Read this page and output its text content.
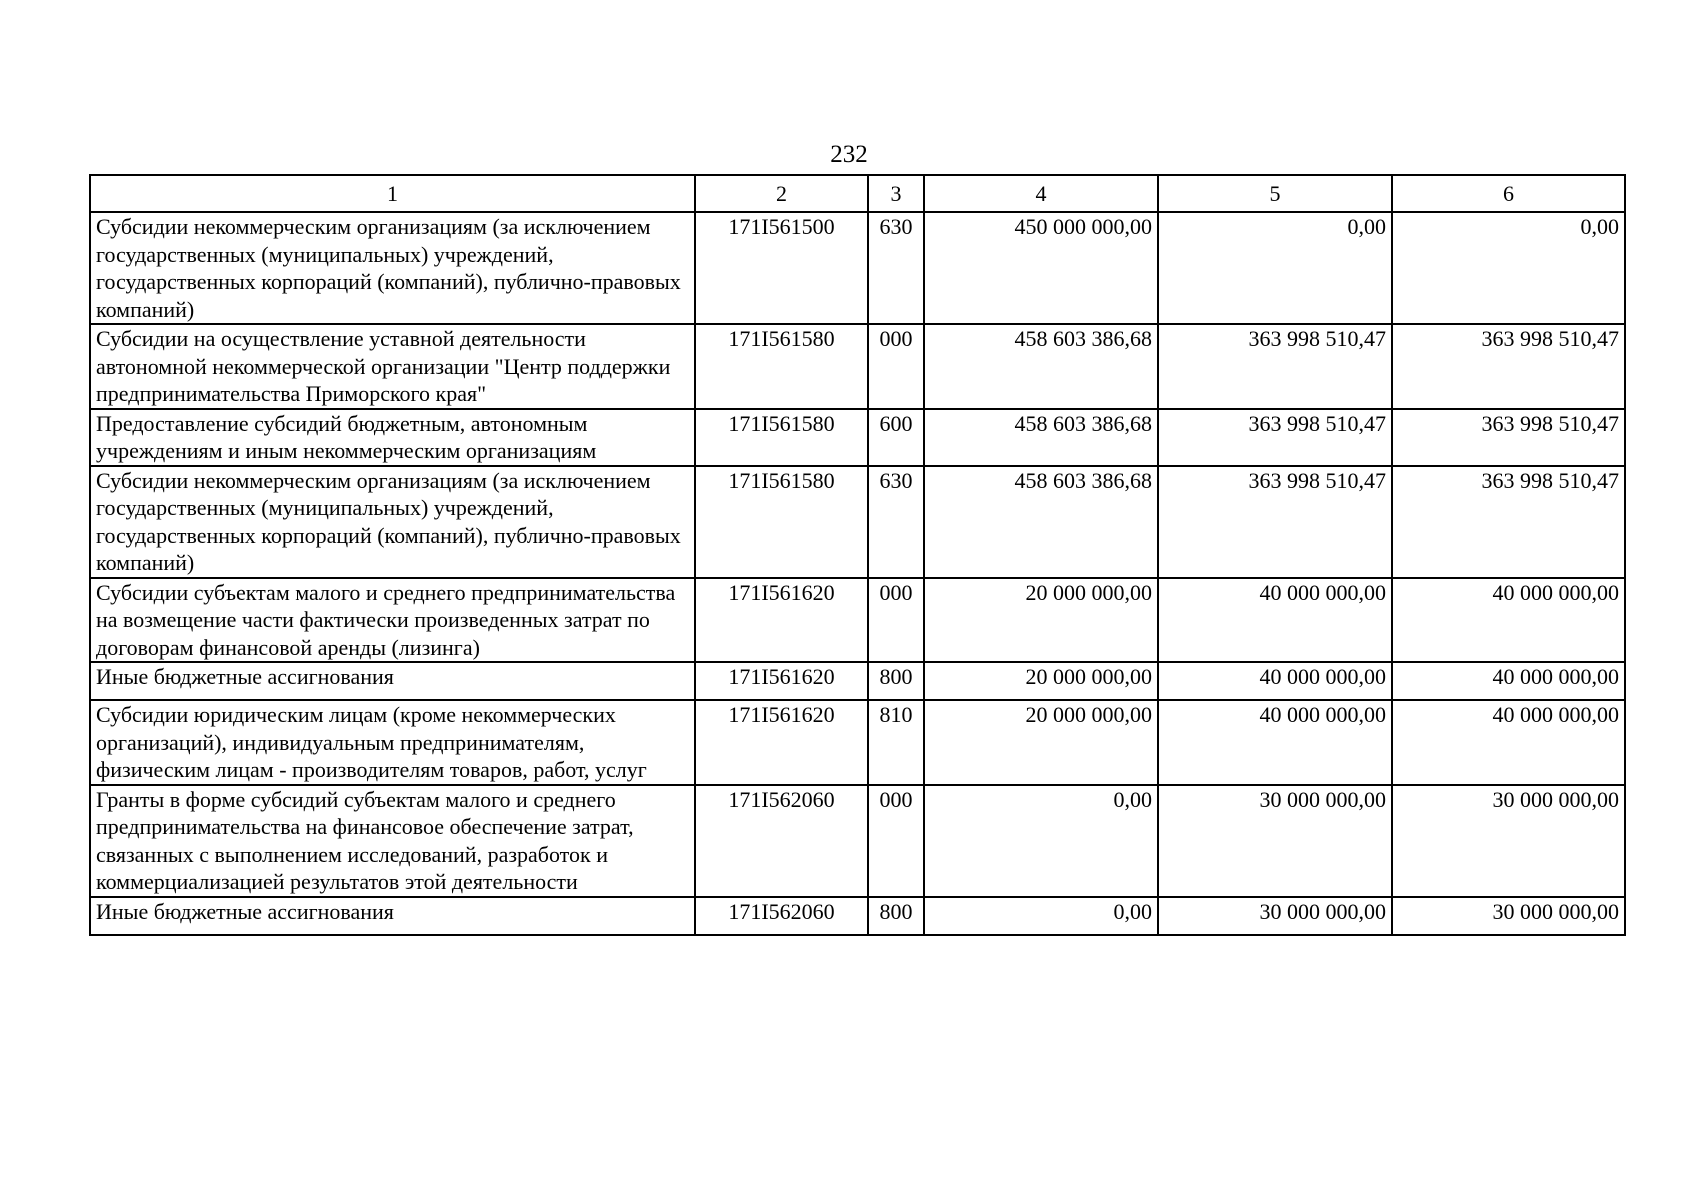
232
1	2	3	4	5	6
Субсидии некоммерческим организациям (за исключением государственных (муниципальных) учреждений, государственных корпораций (компаний), публично-правовых компаний)	171I561500	630	450 000 000,00	0,00	0,00
Субсидии на осуществление уставной деятельности автономной некоммерческой организации "Центр поддержки предпринимательства Приморского края"	171I561580	000	458 603 386,68	363 998 510,47	363 998 510,47
Предоставление субсидий бюджетным, автономным учреждениям и иным некоммерческим организациям	171I561580	600	458 603 386,68	363 998 510,47	363 998 510,47
Субсидии некоммерческим организациям (за исключением государственных (муниципальных) учреждений, государственных корпораций (компаний), публично-правовых компаний)	171I561580	630	458 603 386,68	363 998 510,47	363 998 510,47
Субсидии субъектам малого и среднего предпринимательства на возмещение части фактически произведенных затрат по договорам финансовой аренды (лизинга)	171I561620	000	20 000 000,00	40 000 000,00	40 000 000,00
Иные бюджетные ассигнования	171I561620	800	20 000 000,00	40 000 000,00	40 000 000,00
Субсидии юридическим лицам (кроме некоммерческих организаций), индивидуальным предпринимателям, физическим лицам - производителям товаров, работ, услуг	171I561620	810	20 000 000,00	40 000 000,00	40 000 000,00
Гранты в форме субсидий субъектам малого и среднего предпринимательства на финансовое обеспечение затрат, связанных с выполнением исследований, разработок и коммерциализацией результатов этой деятельности	171I562060	000	0,00	30 000 000,00	30 000 000,00
Иные бюджетные ассигнования	171I562060	800	0,00	30 000 000,00	30 000 000,00
